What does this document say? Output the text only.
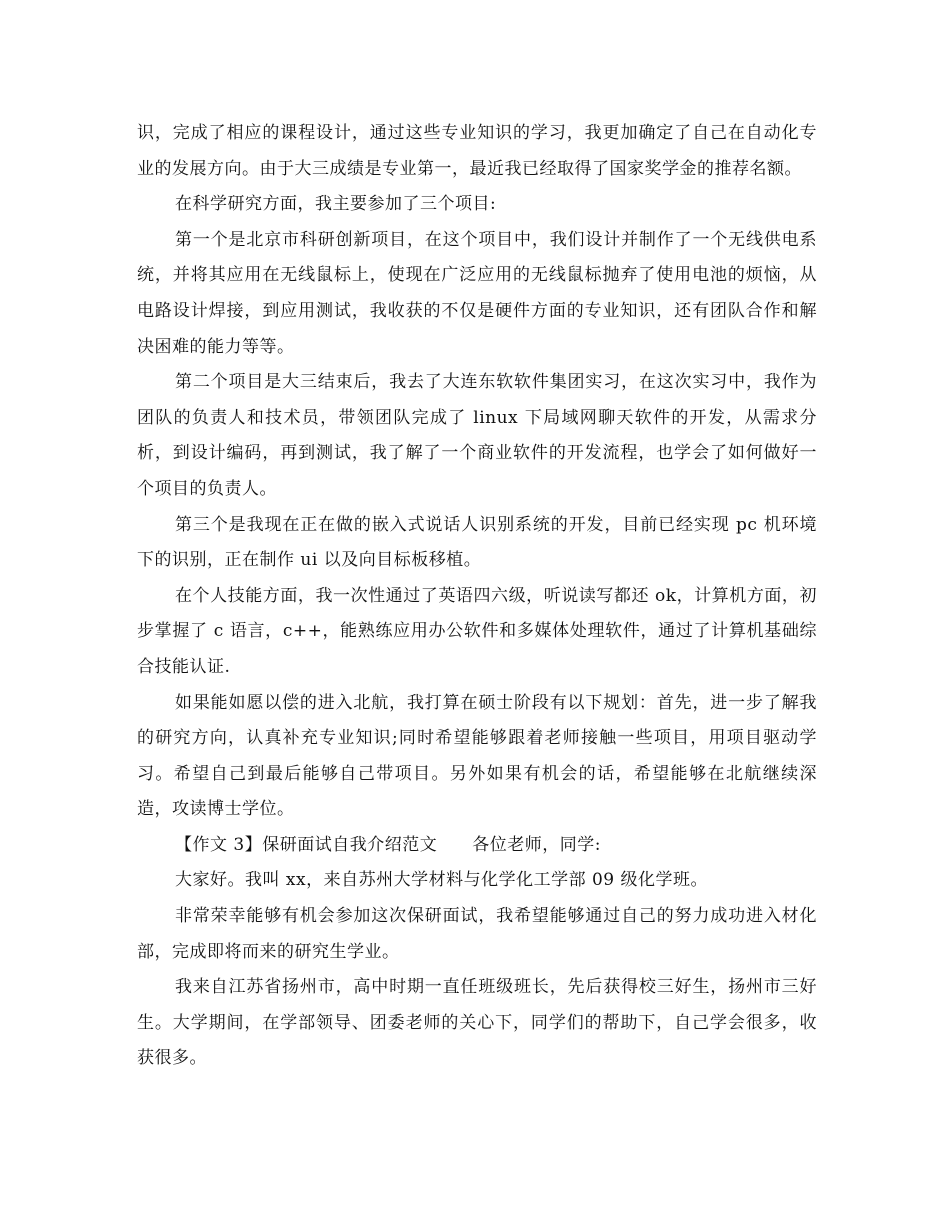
识，完成了相应的课程设计，通过这些专业知识的学习，我更加确定了自己在自动化专业的发展方向。由于大三成绩是专业第一，最近我已经取得了国家奖学金的推荐名额。

在科学研究方面，我主要参加了三个项目:

第一个是北京市科研创新项目，在这个项目中，我们设计并制作了一个无线供电系统，并将其应用在无线鼠标上，使现在广泛应用的无线鼠标抛弃了使用电池的烦恼，从电路设计焊接，到应用测试，我收获的不仅是硬件方面的专业知识，还有团队合作和解决困难的能力等等。

第二个项目是大三结束后，我去了大连东软软件集团实习，在这次实习中，我作为团队的负责人和技术员，带领团队完成了 linux 下局域网聊天软件的开发，从需求分析，到设计编码，再到测试，我了解了一个商业软件的开发流程，也学会了如何做好一个项目的负责人。

第三个是我现在正在做的嵌入式说话人识别系统的开发，目前已经实现 pc 机环境下的识别，正在制作 ui 以及向目标板移植。

在个人技能方面，我一次性通过了英语四六级，听说读写都还 ok，计算机方面，初步掌握了 c 语言，c++，能熟练应用办公软件和多媒体处理软件，通过了计算机基础综合技能认证.

如果能如愿以偿的进入北航，我打算在硕士阶段有以下规划：首先，进一步了解我的研究方向，认真补充专业知识;同时希望能够跟着老师接触一些项目，用项目驱动学习。希望自己到最后能够自己带项目。另外如果有机会的话，希望能够在北航继续深造，攻读博士学位。

【作文 3】保研面试自我介绍范文　　各位老师，同学:

大家好。我叫 xx，来自苏州大学材料与化学化工学部 09 级化学班。

非常荣幸能够有机会参加这次保研面试，我希望能够通过自己的努力成功进入材化部，完成即将而来的研究生学业。

我来自江苏省扬州市，高中时期一直任班级班长，先后获得校三好生，扬州市三好生。大学期间，在学部领导、团委老师的关心下，同学们的帮助下，自己学会很多，收获很多。
